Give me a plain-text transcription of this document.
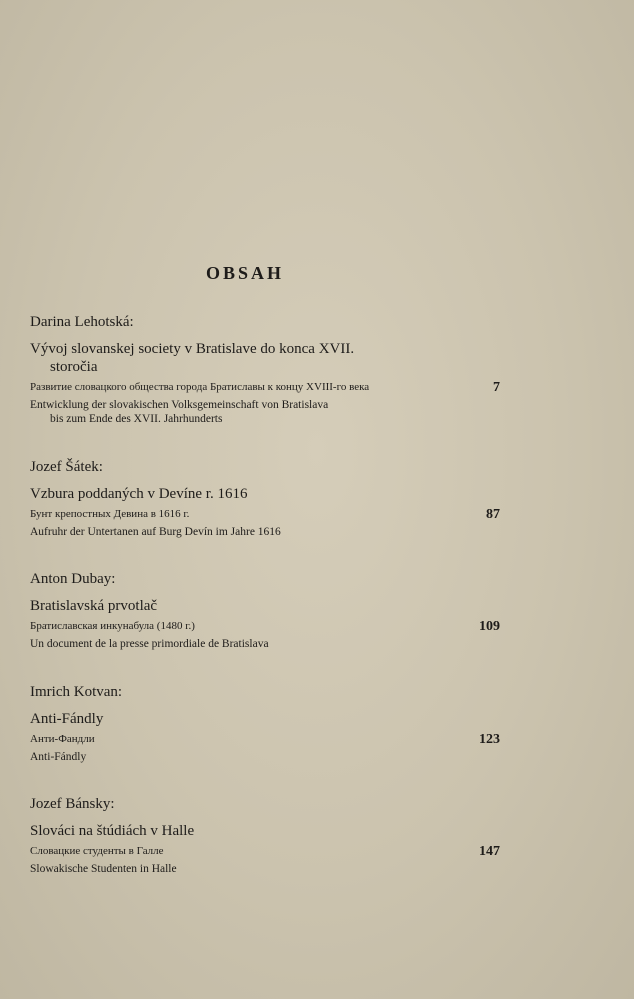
OBSAH
Darina Lehotská:
Vývoj slovanskej society v Bratislave do konca XVII.
storočia
Развитие словацкого общества города Братиславы к концу XVIII-го века	7
Entwicklung der slovakischen Volksgemeinschaft von Bratislava
bis zum Ende des XVII. Jahrhunderts
Jozef Šátek:
Vzbura poddaných v Devíne r. 1616
Бунт крепостных Девина в 1616 г.	87
Aufruhr der Untertanen auf Burg Devín im Jahre 1616
Anton Dubay:
Bratislavská prvotlač
Братиславская инкунабула (1480 г.)	109
Un document de la presse primordiale de Bratislava
Imrich Kotvan:
Anti-Fándly
Анти-Фандли	123
Anti-Fándly
Jozef Bánsky:
Slováci na štúdiách v Halle
Словацкие студенты в Галле	147
Slowakische Studenten in Halle
